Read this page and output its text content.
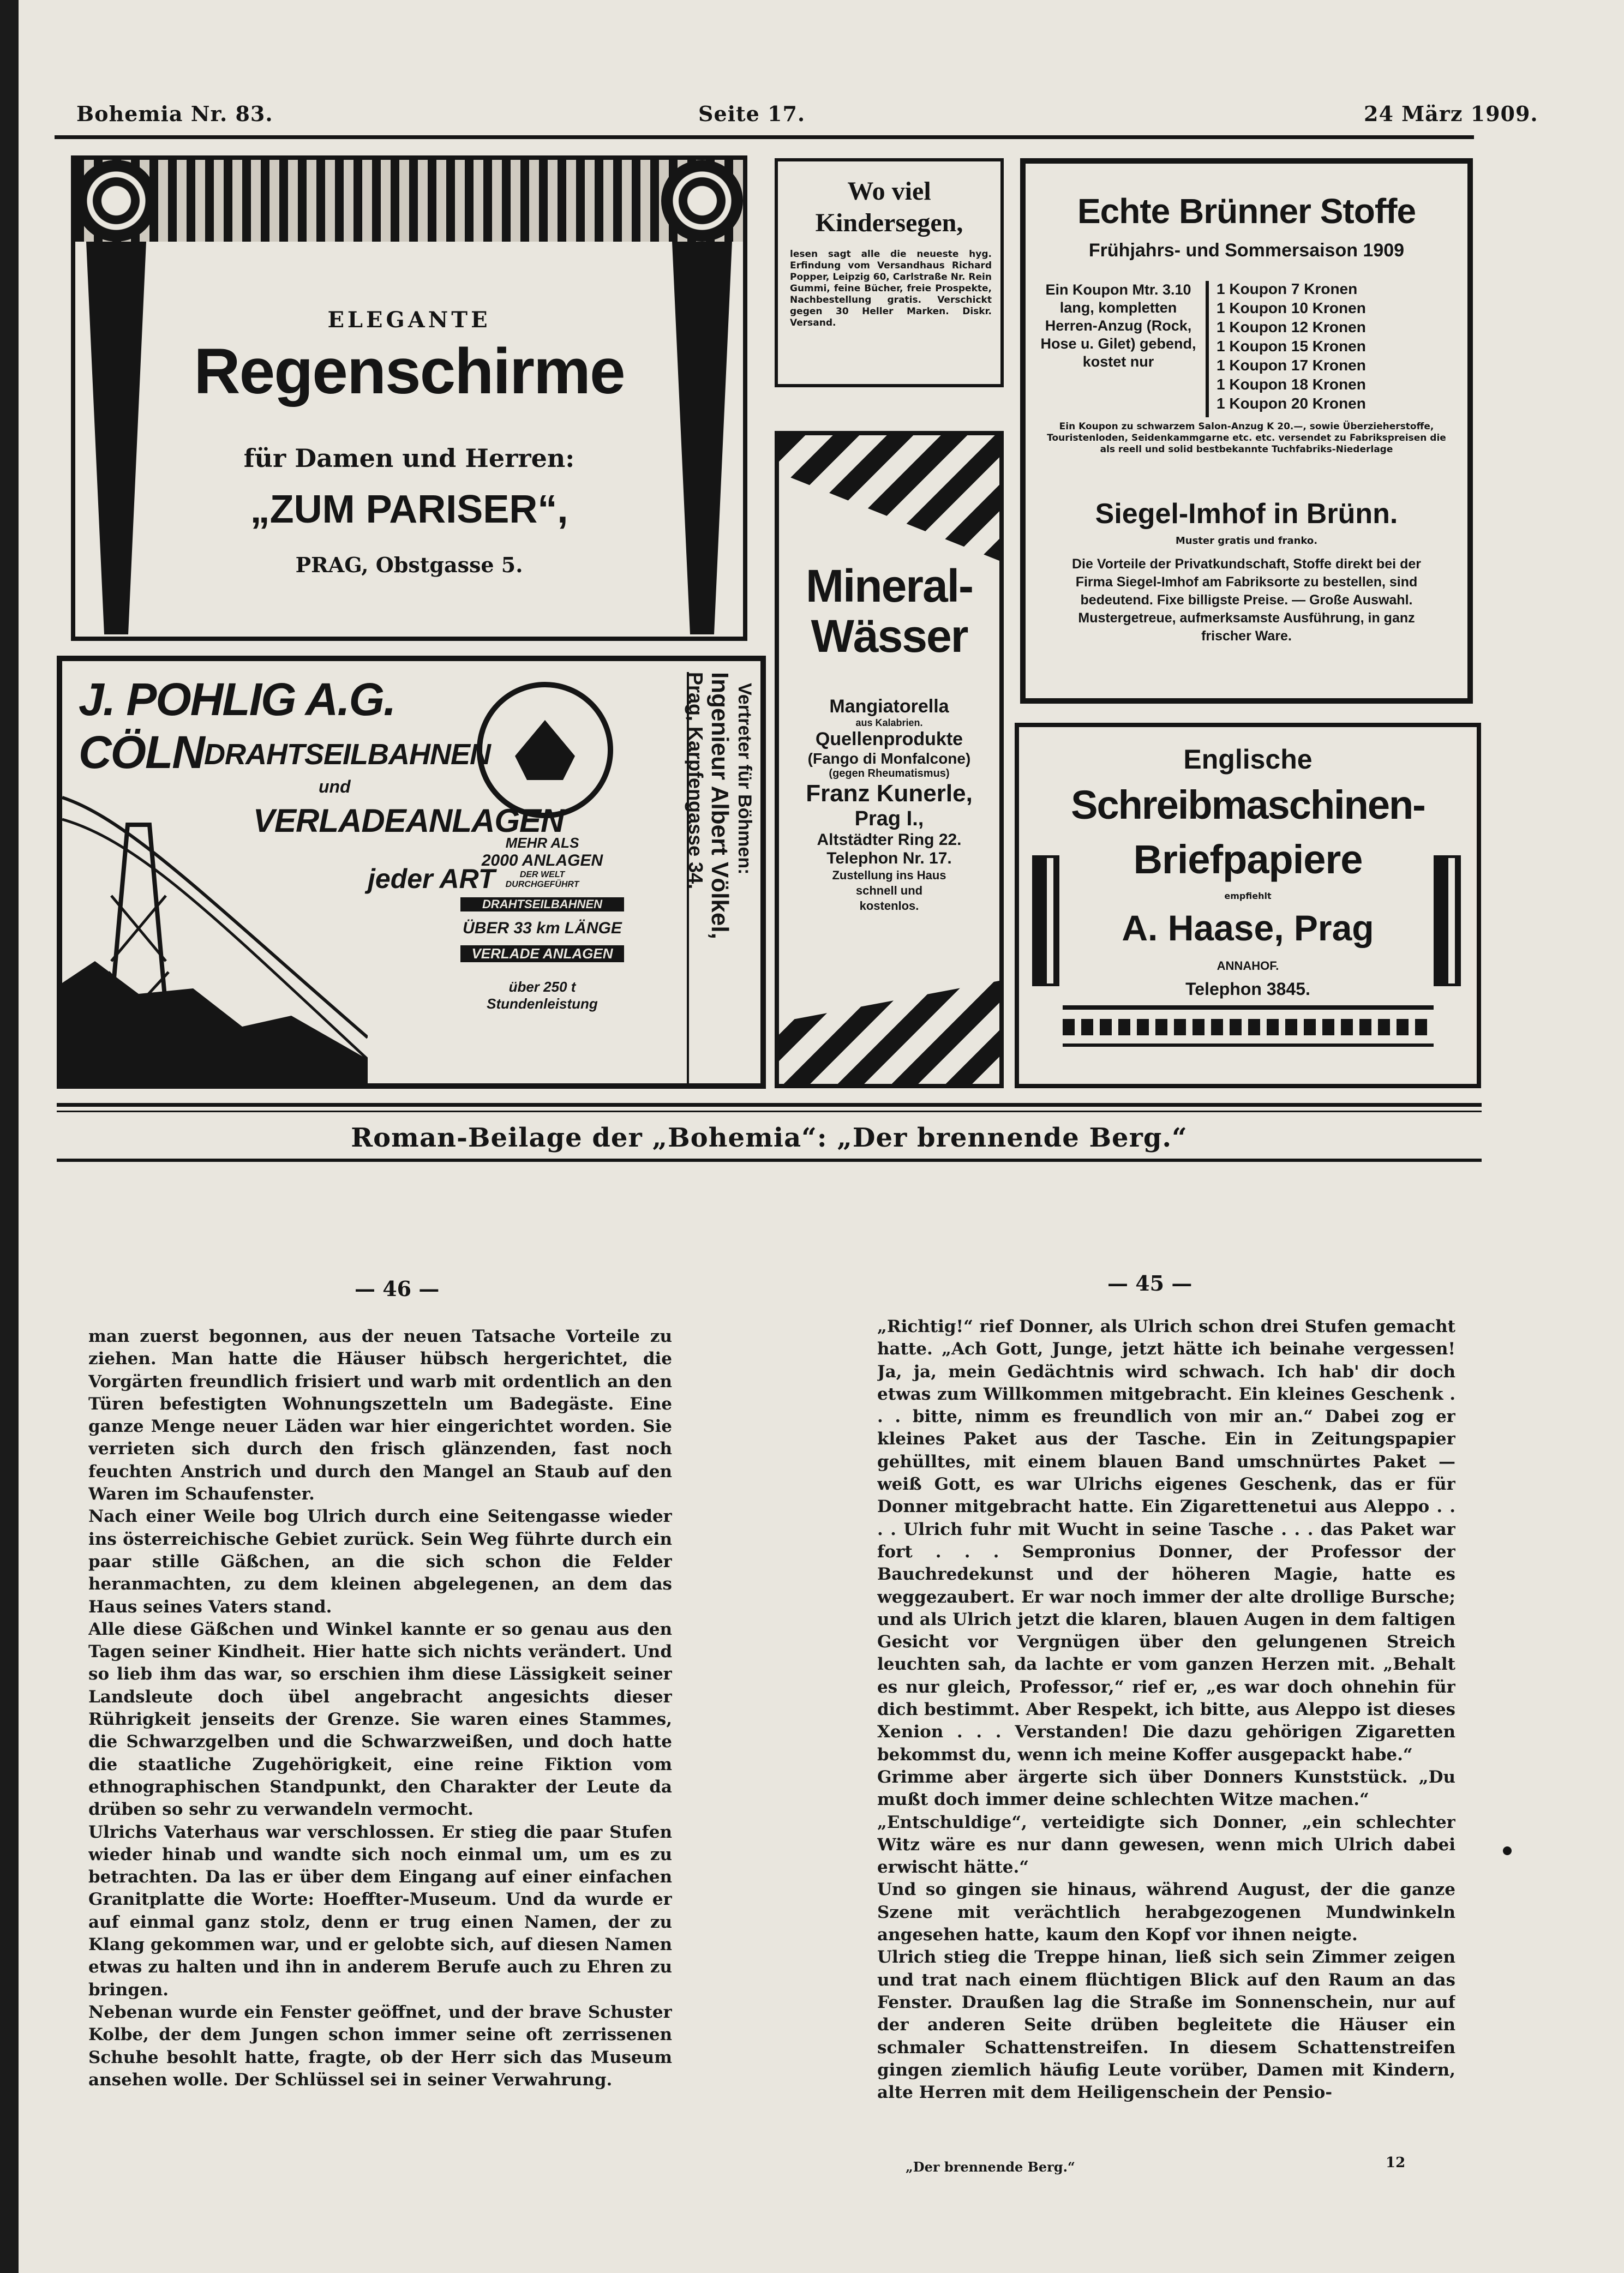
Bohemia Nr. 83.	Seite 17.	24 März 1909.
ELEGANTE
Regenschirme
für Damen und Herren:
„ZUM PARISER“,
PRAG, Obstgasse 5.
Wo viel Kindersegen,
lesen sagt alle die neueste hyg. Erfindung vom Versandhaus Richard Popper, Leipzig 60, Carlstraße Nr. Rein Gummi, feine Bücher, freie Prospekte, Nachbestellung gratis. Verschickt gegen 30 Heller Marken. Diskr. Versand.
Echte Brünner Stoffe
Frühjahrs- und Sommersaison 1909
Ein Koupon Mtr. 3.10 lang, kompletten Herren-Anzug (Rock, Hose u. Gilet) gebend, kostet nur
1 Koupon 7 Kronen
1 Koupon 10 Kronen
1 Koupon 12 Kronen
1 Koupon 15 Kronen
1 Koupon 17 Kronen
1 Koupon 18 Kronen
1 Koupon 20 Kronen
Ein Koupon zu schwarzem Salon-Anzug K 20.—, sowie Überzieherstoffe, Touristenloden, Seidenkammgarne etc. etc. versendet zu Fabrikspreisen die als reell und solid bestbekannte Tuchfabriks-Niederlage
Siegel-Imhof in Brünn.
Muster gratis und franko.
Die Vorteile der Privatkundschaft, Stoffe direkt bei der Firma Siegel-Imhof am Fabriksorte zu bestellen, sind bedeutend. Fixe billigste Preise. — Große Auswahl. Mustergetreue, aufmerksamste Ausführung, in ganz frischer Ware.
J. POHLIG A.G. CÖLN DRAHTSEILBAHNEN
und
VERLADEANLAGEN
jeder ART
MEHR ALS
2000 ANLAGEN
DER WELT
DURCHGEFÜHRT
DRAHTSEILBAHNEN
ÜBER 33 km LÄNGE
VERLADE ANLAGEN
über 250 t Stundenleistung
Vertreter für Böhmen:
Ingenieur Albert Völkel,
Prag, Karpfengasse 34.
Mineral-Wässer
Mangiatorella
aus Kalabrien.
Quellenprodukte
(Fango di Monfalcone)
(gegen Rheumatismus)
Franz Kunerle,
Prag I.,
Altstädter Ring 22.
Telephon Nr. 17.
Zustellung ins Haus schnell und kostenlos.
Englische
Schreibmaschinen-
Briefpapiere
empfiehlt
A. Haase, Prag
ANNAHOF.
Telephon 3845.
Roman-Beilage der „Bohemia“: „Der brennende Berg.“
— 46 —	— 45 —
man zuerst begonnen, aus der neuen Tatsache Vorteile zu ziehen. Man hatte die Häuser hübsch hergerichtet, die Vorgärten freundlich frisiert und warb mit ordentlich an den Türen befestigten Wohnungszetteln um Badegäste. Eine ganze Menge neuer Läden war hier eingerichtet worden. Sie verrieten sich durch den frisch glänzenden, fast noch feuchten Anstrich und durch den Mangel an Staub auf den Waren im Schaufenster.
Nach einer Weile bog Ulrich durch eine Seitengasse wieder ins österreichische Gebiet zurück. Sein Weg führte durch ein paar stille Gäßchen, an die sich schon die Felder heranmachten, zu dem kleinen abgelegenen, an dem das Haus seines Vaters stand.
Alle diese Gäßchen und Winkel kannte er so genau aus den Tagen seiner Kindheit. Hier hatte sich nichts verändert. Und so lieb ihm das war, so erschien ihm diese Lässigkeit seiner Landsleute doch übel angebracht angesichts dieser Rührigkeit jenseits der Grenze. Sie waren eines Stammes, die Schwarzgelben und die Schwarzweißen, und doch hatte die staatliche Zugehörigkeit, eine reine Fiktion vom ethnographischen Standpunkt, den Charakter der Leute da drüben so sehr zu verwandeln vermocht.
Ulrichs Vaterhaus war verschlossen. Er stieg die paar Stufen wieder hinab und wandte sich noch einmal um, um es zu betrachten. Da las er über dem Eingang auf einer einfachen Granitplatte die Worte: Hoeffter-Museum. Und da wurde er auf einmal ganz stolz, denn er trug einen Namen, der zu Klang gekommen war, und er gelobte sich, auf diesen Namen etwas zu halten und ihn in anderem Berufe auch zu Ehren zu bringen.
Nebenan wurde ein Fenster geöffnet, und der brave Schuster Kolbe, der dem Jungen schon immer seine oft zerrissenen Schuhe besohlt hatte, fragte, ob der Herr sich das Museum ansehen wolle. Der Schlüssel sei in seiner Verwahrung.
„Richtig!“ rief Donner, als Ulrich schon drei Stufen gemacht hatte. „Ach Gott, Junge, jetzt hätte ich beinahe vergessen! Ja, ja, mein Gedächtnis wird schwach. Ich hab' dir doch etwas zum Willkommen mitgebracht. Ein kleines Geschenk . . . bitte, nimm es freundlich von mir an.“ Dabei zog er kleines Paket aus der Tasche. Ein in Zeitungspapier gehülltes, mit einem blauen Band umschnürtes Paket — weiß Gott, es war Ulrichs eigenes Geschenk, das er für Donner mitgebracht hatte. Ein Zigarettenetui aus Aleppo . . . . Ulrich fuhr mit Wucht in seine Tasche . . . das Paket war fort . . . Sempronius Donner, der Professor der Bauchredekunst und der höheren Magie, hatte es weggezaubert. Er war noch immer der alte drollige Bursche; und als Ulrich jetzt die klaren, blauen Augen in dem faltigen Gesicht vor Vergnügen über den gelungenen Streich leuchten sah, da lachte er vom ganzen Herzen mit. „Behalt es nur gleich, Professor,“ rief er, „es war doch ohnehin für dich bestimmt. Aber Respekt, ich bitte, aus Aleppo ist dieses Xenion . . . Verstanden! Die dazu gehörigen Zigaretten bekommst du, wenn ich meine Koffer ausgepackt habe.“
Grimme aber ärgerte sich über Donners Kunststück. „Du mußt doch immer deine schlechten Witze machen.“
„Entschuldige“, verteidigte sich Donner, „ein schlechter Witz wäre es nur dann gewesen, wenn mich Ulrich dabei erwischt hätte.“
Und so gingen sie hinaus, während August, der die ganze Szene mit verächtlich herabgezogenen Mundwinkeln angesehen hatte, kaum den Kopf vor ihnen neigte.
Ulrich stieg die Treppe hinan, ließ sich sein Zimmer zeigen und trat nach einem flüchtigen Blick auf den Raum an das Fenster. Draußen lag die Straße im Sonnenschein, nur auf der anderen Seite drüben begleitete die Häuser ein schmaler Schattenstreifen. In diesem Schattenstreifen gingen ziemlich häufig Leute vorüber, Damen mit Kindern, alte Herren mit dem Heiligenschein der Pensio-
„Der brennende Berg.“	12
